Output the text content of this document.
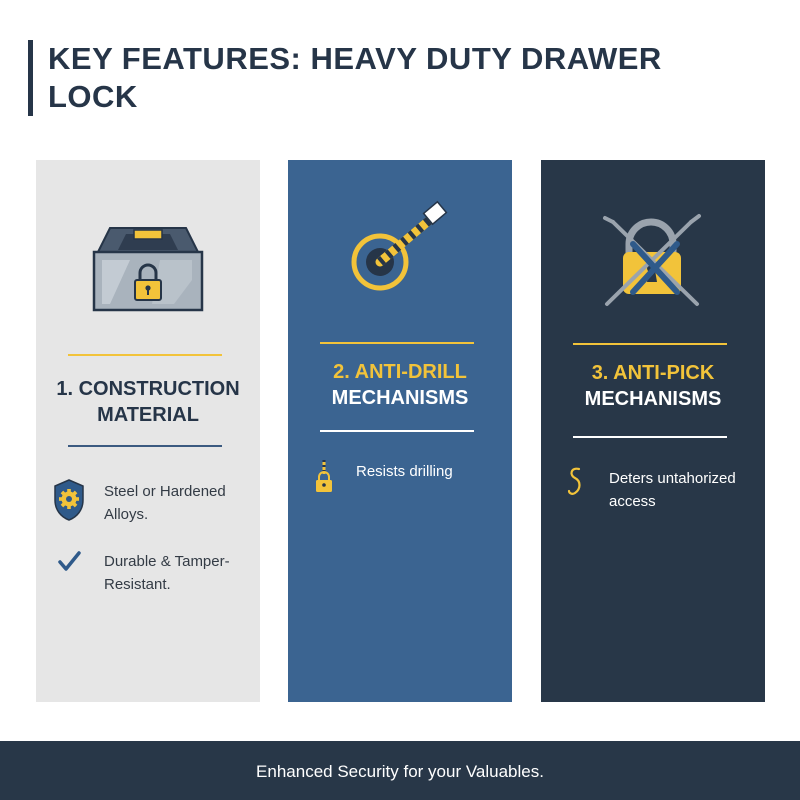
KEY FEATURES: HEAVY DUTY DRAWER LOCK
1. CONSTRUCTION
MATERIAL
Steel or Hardened Alloys.
Durable & Tamper-Resistant.
2. ANTI-DRILL
MECHANISMS
Resists drilling
3. ANTI-PICK
MECHANISMS
Deters untahorized access
Enhanced Security for your Valuables.
